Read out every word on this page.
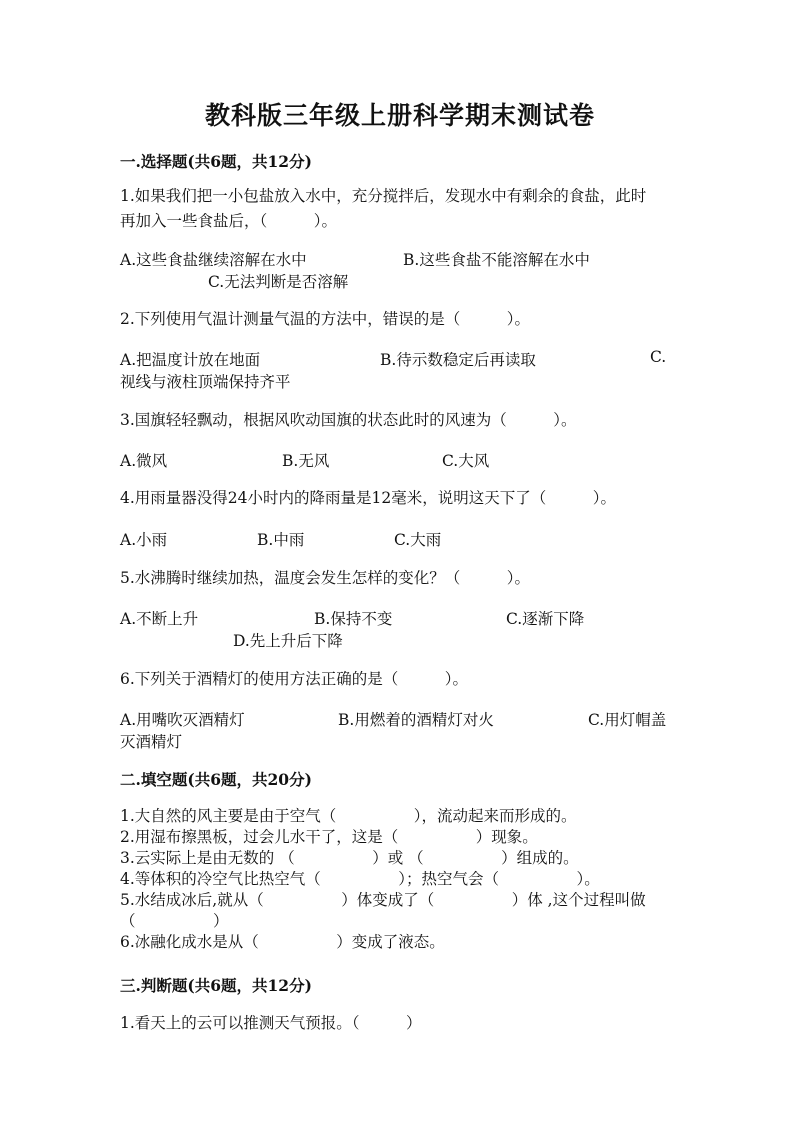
教科版三年级上册科学期末测试卷
一.选择题(共6题，共12分)
1.如果我们把一小包盐放入水中，充分搅拌后，发现水中有剩余的食盐，此时
再加入一些食盐后，（　　　）。
A.这些食盐继续溶解在水中	B.这些食盐不能溶解在水中
C.无法判断是否溶解
2.下列使用气温计测量气温的方法中，错误的是（　　　）。
A.把温度计放在地面	B.待示数稳定后再读取	C.
视线与液柱顶端保持齐平
3.国旗轻轻飘动，根据风吹动国旗的状态此时的风速为（　　　）。
A.微风	B.无风	C.大风
4.用雨量器没得24小时内的降雨量是12毫米，说明这天下了（　　　）。
A.小雨	B.中雨	C.大雨
5.水沸腾时继续加热，温度会发生怎样的变化？（　　　）。
A.不断上升	B.保持不变	C.逐渐下降
D.先上升后下降
6.下列关于酒精灯的使用方法正确的是（　　　）。
A.用嘴吹灭酒精灯	B.用燃着的酒精灯对火	C.用灯帽盖
灭酒精灯
二.填空题(共6题，共20分)
1.大自然的风主要是由于空气（　　　　　），流动起来而形成的。
2.用湿布擦黑板，过会儿水干了，这是（　　　　　）现象。
3.云实际上是由无数的 （　　　　　）或 （　　　　　）组成的。
4.等体积的冷空气比热空气（　　　　　）；热空气会（　　　　　）。
5.水结成冰后,就从（　　　　　）体变成了（　　　　　）体 ,这个过程叫做
（　　　　　）
6.冰融化成水是从（　　　　　）变成了液态。
三.判断题(共6题，共12分)
1.看天上的云可以推测天气预报。（　　　）
